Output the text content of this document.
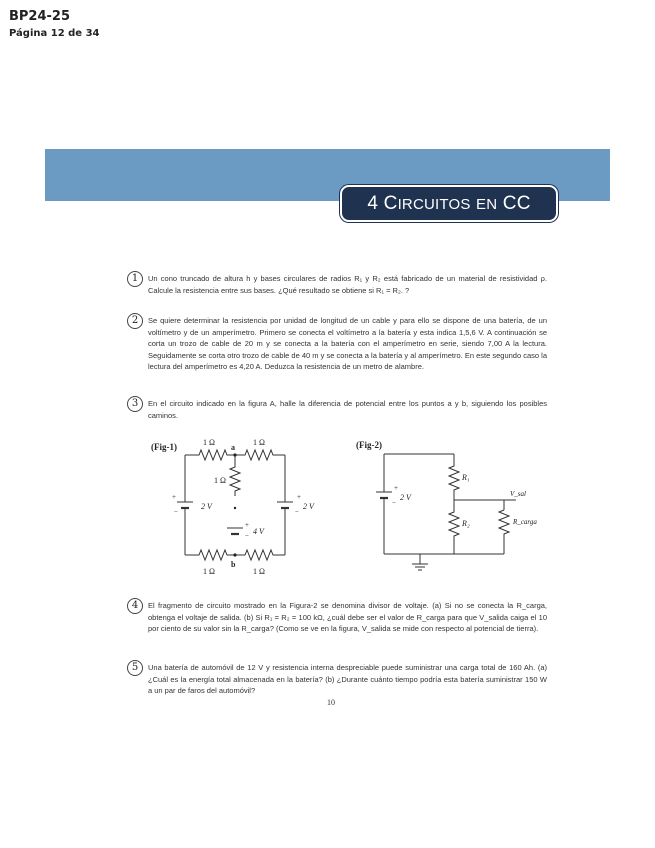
BP24-25
Página 12 de 34
4 CIRCUITOS EN CC
1	Un cono truncado de altura h y bases circulares de radios R₁ y R₂ está fabricado de un material de resistividad ρ. Calcule la resistencia entre sus bases. ¿Qué resultado se obtiene si R₁ = R₂. ?
2	Se quiere determinar la resistencia por unidad de longitud de un cable y para ello se dispone de una batería, de un voltímetro y de un amperímetro. Primero se conecta el voltímetro a la batería y esta indica 1,5,6 V. A continuación se corta un trozo de cable de 20 m y se conecta a la batería con el amperímetro en serie, siendo 7,00 A la lectura. Seguidamente se corta otro trozo de cable de 40 m y se conecta a la batería y al amperímetro. En este segundo caso la lectura del amperímetro es 4,20 A. Deduzca la resistencia de un metro de alambre.
3	En el circuito indicado en la figura A, halle la diferencia de potencial entre los puntos a y b, siguiendo los posibles caminos.
(Fig-1)	1 Ω
a
1 Ω
1 Ω
+
−
2 V
+
−
2 V
+
− 4 V
1 Ω
b
1 Ω
(Fig-2)
+
−
2 V
R₁
R₂	R_carga
V_sal
4	El fragmento de circuito mostrado en la Figura-2 se denomina divisor de voltaje. (a) Si no se conecta la R_carga, obtenga el voltaje de salida. (b) Si R₁ = R₂ = 100 kΩ, ¿cuál debe ser el valor de R_carga para que V_salida caiga el 10 por ciento de su valor sin la R_carga? (Como se ve en la figura, V_salida se mide con respecto al potencial de tierra).
5	Una batería de automóvil de 12 V y resistencia interna despreciable puede suministrar una carga total de 160 Ah. (a) ¿Cuál es la energía total almacenada en la batería? (b) ¿Durante cuánto tiempo podría esta batería suministrar 150 W a un par de faros del automóvil?
10
